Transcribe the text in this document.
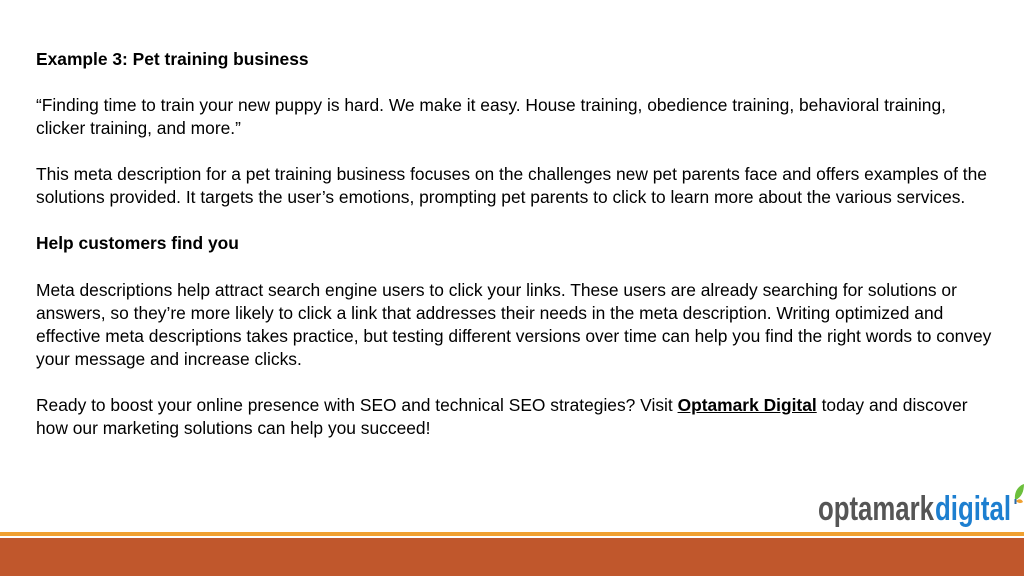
Example 3: Pet training business

“Finding time to train your new puppy is hard. We make it easy. House training, obedience training, behavioral training, clicker training, and more.”

This meta description for a pet training business focuses on the challenges new pet parents face and offers examples of the solutions provided. It targets the user’s emotions, prompting pet parents to click to learn more about the various services.

Help customers find you

Meta descriptions help attract search engine users to click your links. These users are already searching for solutions or answers, so they’re more likely to click a link that addresses their needs in the meta description. Writing optimized and effective meta descriptions takes practice, but testing different versions over time can help you find the right words to convey your message and increase clicks.

Ready to boost your online presence with SEO and technical SEO strategies? Visit Optamark Digital today and discover how our marketing solutions can help you succeed!

optamark digital
